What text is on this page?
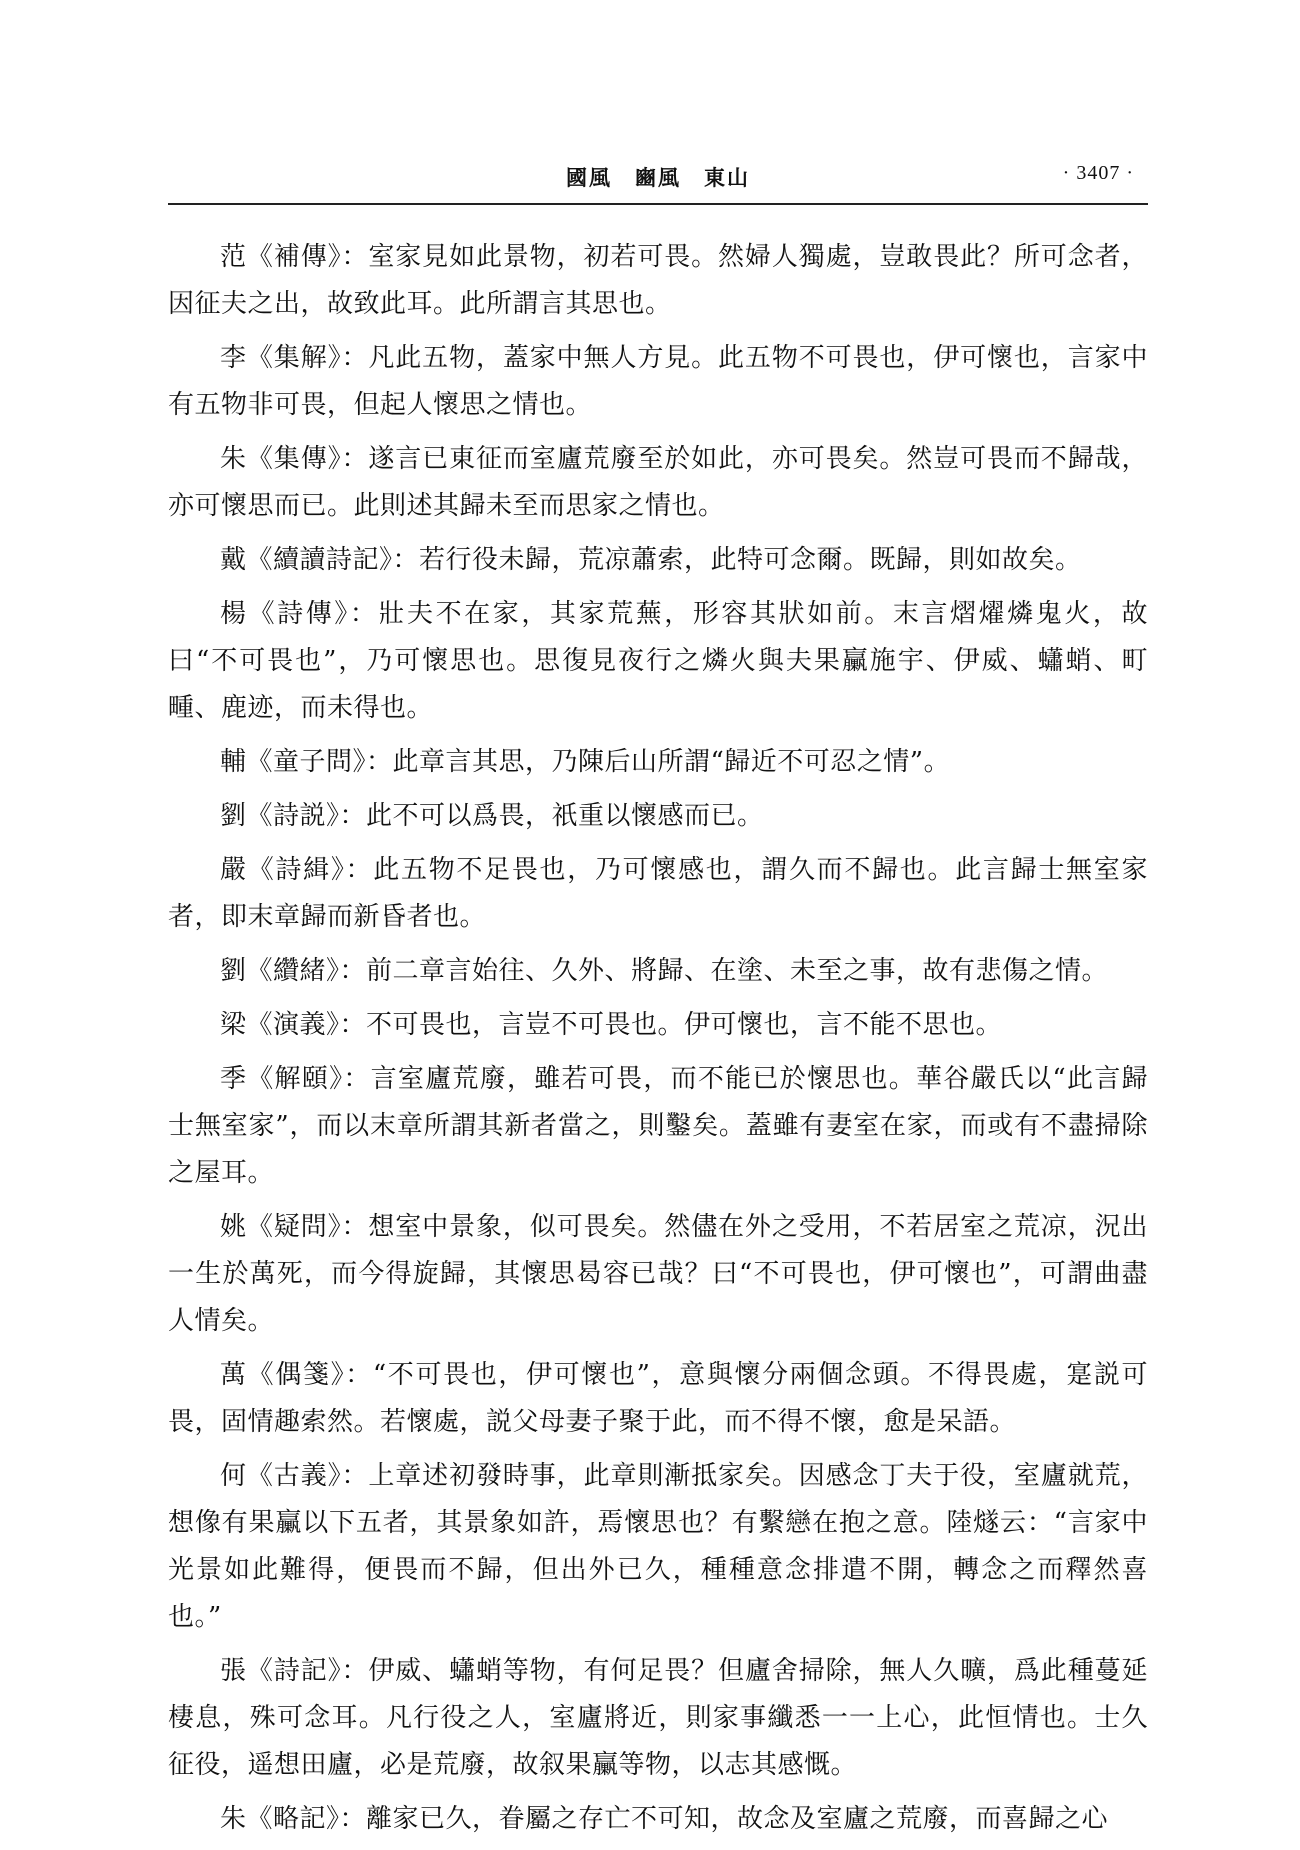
國風　豳風　東山	· 3407 ·

范《補傳》：室家見如此景物，初若可畏。然婦人獨處，豈敢畏此？所可念者，因征夫之出，故致此耳。此所謂言其思也。

李《集解》：凡此五物，蓋家中無人方見。此五物不可畏也，伊可懷也，言家中有五物非可畏，但起人懷思之情也。

朱《集傳》：遂言已東征而室廬荒廢至於如此，亦可畏矣。然豈可畏而不歸哉，亦可懷思而已。此則述其歸未至而思家之情也。

戴《續讀詩記》：若行役未歸，荒凉蕭索，此特可念爾。既歸，則如故矣。

楊《詩傳》：壯夫不在家，其家荒蕪，形容其狀如前。末言熠燿燐鬼火，故曰“不可畏也”，乃可懷思也。思復見夜行之燐火與夫果臝施宇、伊威、蠨蛸、町畽、鹿迹，而未得也。

輔《童子問》：此章言其思，乃陳后山所謂“歸近不可忍之情”。

劉《詩説》：此不可以爲畏，祇重以懷感而已。

嚴《詩緝》：此五物不足畏也，乃可懷感也，謂久而不歸也。此言歸士無室家者，即末章歸而新昏者也。

劉《纘緒》：前二章言始往、久外、將歸、在塗、未至之事，故有悲傷之情。

梁《演義》：不可畏也，言豈不可畏也。伊可懷也，言不能不思也。

季《解頤》：言室廬荒廢，雖若可畏，而不能已於懷思也。華谷嚴氏以“此言歸士無室家”，而以末章所謂其新者當之，則鑿矣。蓋雖有妻室在家，而或有不盡掃除之屋耳。

姚《疑問》：想室中景象，似可畏矣。然儘在外之受用，不若居室之荒凉，況出一生於萬死，而今得旋歸，其懷思曷容已哉？曰“不可畏也，伊可懷也”，可謂曲盡人情矣。

萬《偶箋》：“不可畏也，伊可懷也”，意與懷分兩個念頭。不得畏處，寔説可畏，固情趣索然。若懷處，説父母妻子聚于此，而不得不懷，愈是呆語。

何《古義》：上章述初發時事，此章則漸抵家矣。因感念丁夫于役，室廬就荒，想像有果臝以下五者，其景象如許，焉懷思也？有繫戀在抱之意。陸燧云：“言家中光景如此難得，便畏而不歸，但出外已久，種種意念排遣不開，轉念之而釋然喜也。”

張《詩記》：伊威、蠨蛸等物，有何足畏？但廬舍掃除，無人久曠，爲此種蔓延棲息，殊可念耳。凡行役之人，室廬將近，則家事纖悉一一上心，此恒情也。士久征役，遥想田廬，必是荒廢，故叙果臝等物，以志其感慨。

朱《略記》：離家已久，眷屬之存亡不可知，故念及室廬之荒廢，而喜歸之心
